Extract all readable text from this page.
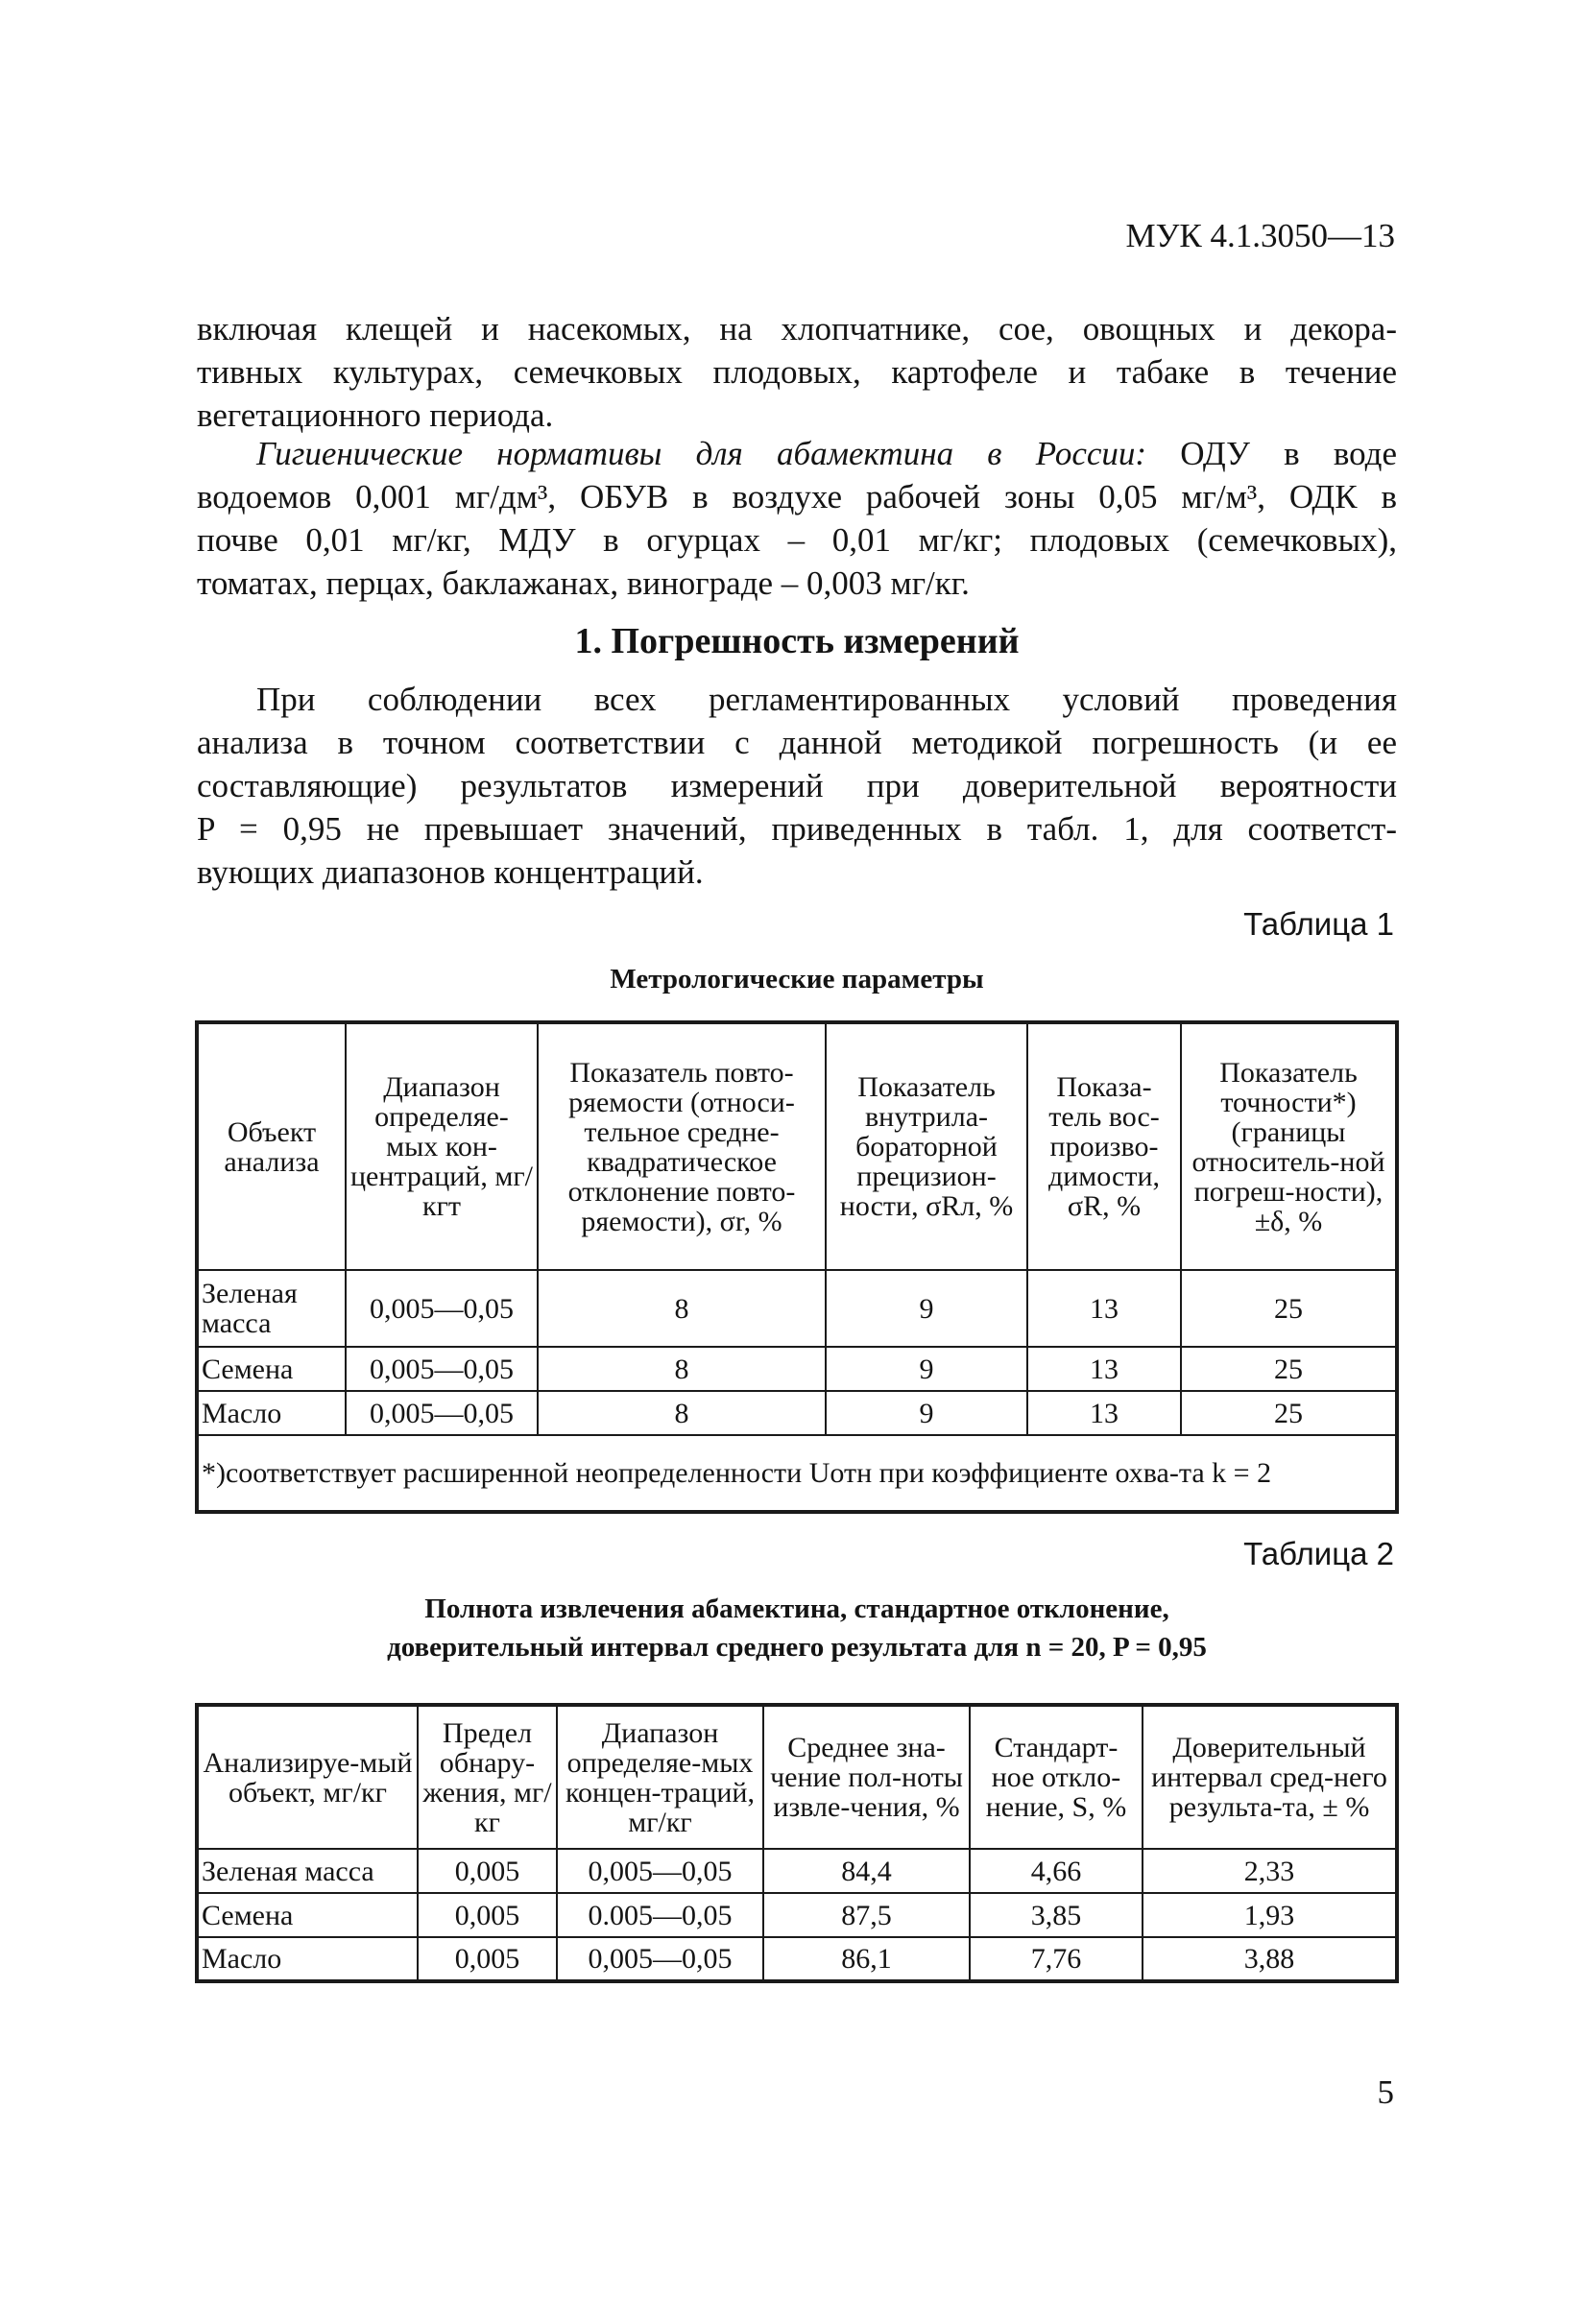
МУК 4.1.3050—13
включая клещей и насекомых, на хлопчатнике, сое, овощных и декора-
тивных культурах, семечковых плодовых, картофеле и табаке в течение
вегетационного периода.
Гигиенические нормативы для абамектина в России: ОДУ в воде
водоемов 0,001 мг/дм³, ОБУВ в воздухе рабочей зоны 0,05 мг/м³, ОДК в
почве 0,01 мг/кг, МДУ в огурцах – 0,01 мг/кг; плодовых (семечковых),
томатах, перцах, баклажанах, винограде – 0,003 мг/кг.
1. Погрешность измерений
При соблюдении всех регламентированных условий проведения
анализа в точном соответствии с данной методикой погрешность (и ее
составляющие) результатов измерений при доверительной вероятности
P = 0,95 не превышает значений, приведенных в табл. 1, для соответст-
вующих диапазонов концентраций.
Таблица 1
Метрологические параметры
Объект анализа	Диапазон определяе-мых кон-центраций, мг/кгт	Показатель повто-ряемости (относи-тельное средне-квадратическое отклонение повто-ряемости), σr, %	Показатель внутрила-бораторной прецизион-ности, σRл, %	Показа-тель вос-произво-димости, σR, %	Показатель точности*) (границы относитель-ной погреш-ности), ±δ, %
Зеленая масса	0,005—0,05	8	9	13	25
Семена	0,005—0,05	8	9	13	25
Масло	0,005—0,05	8	9	13	25
*)соответствует расширенной неопределенности Uотн при коэффициенте охва-та k = 2					
Таблица 2
Полнота извлечения абамектина, стандартное отклонение,
доверительный интервал среднего результата для n = 20, P = 0,95
Анализируе-мый объект, мг/кг	Предел обнару-жения, мг/кг	Диапазон определяе-мых концен-траций, мг/кг	Среднее зна-чение пол-ноты извле-чения, %	Стандарт-ное откло-нение, S, %	Доверительный интервал сред-него результа-та, ± %
Зеленая масса	0,005	0,005—0,05	84,4	4,66	2,33
Семена	0,005	0.005—0,05	87,5	3,85	1,93
Масло	0,005	0,005—0,05	86,1	7,76	3,88
5
